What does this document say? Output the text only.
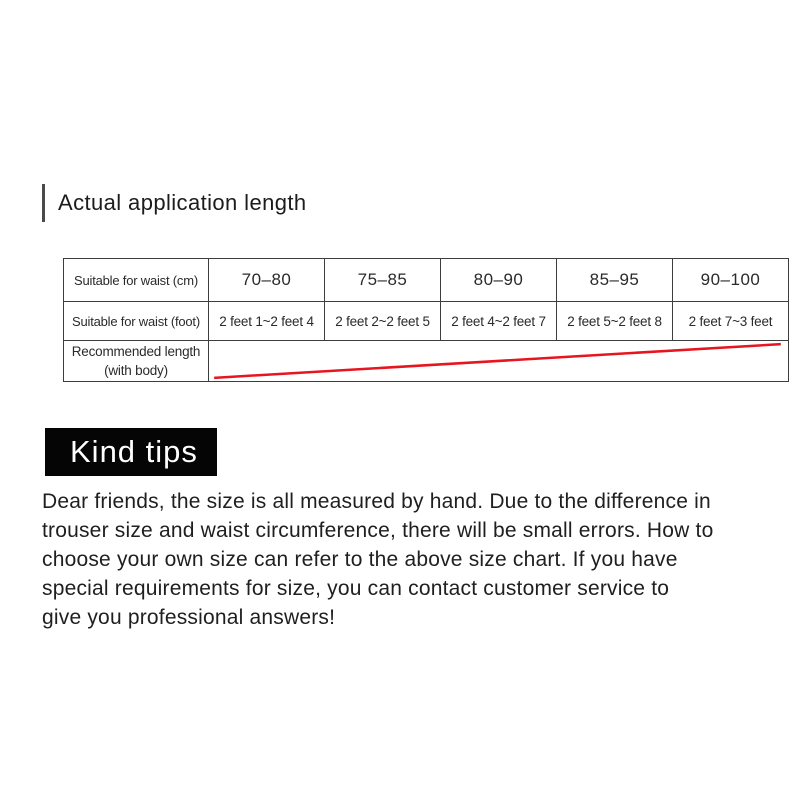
Actual application length
Suitable for waist (cm)	70–80	75–85	80–90	85–95	90–100
Suitable for waist (foot)	2 feet 1~2 feet 4	2 feet 2~2 feet 5	2 feet 4~2 feet 7	2 feet 5~2 feet 8	2 feet 7~3 feet

Recommended length
(with body)

Kind tips
Dear friends, the size is all measured by hand. Due to the difference in
trouser size and waist circumference, there will be small errors. How to
choose your own size can refer to the above size chart. If you have
special requirements for size, you can contact customer service to
give you professional answers!
